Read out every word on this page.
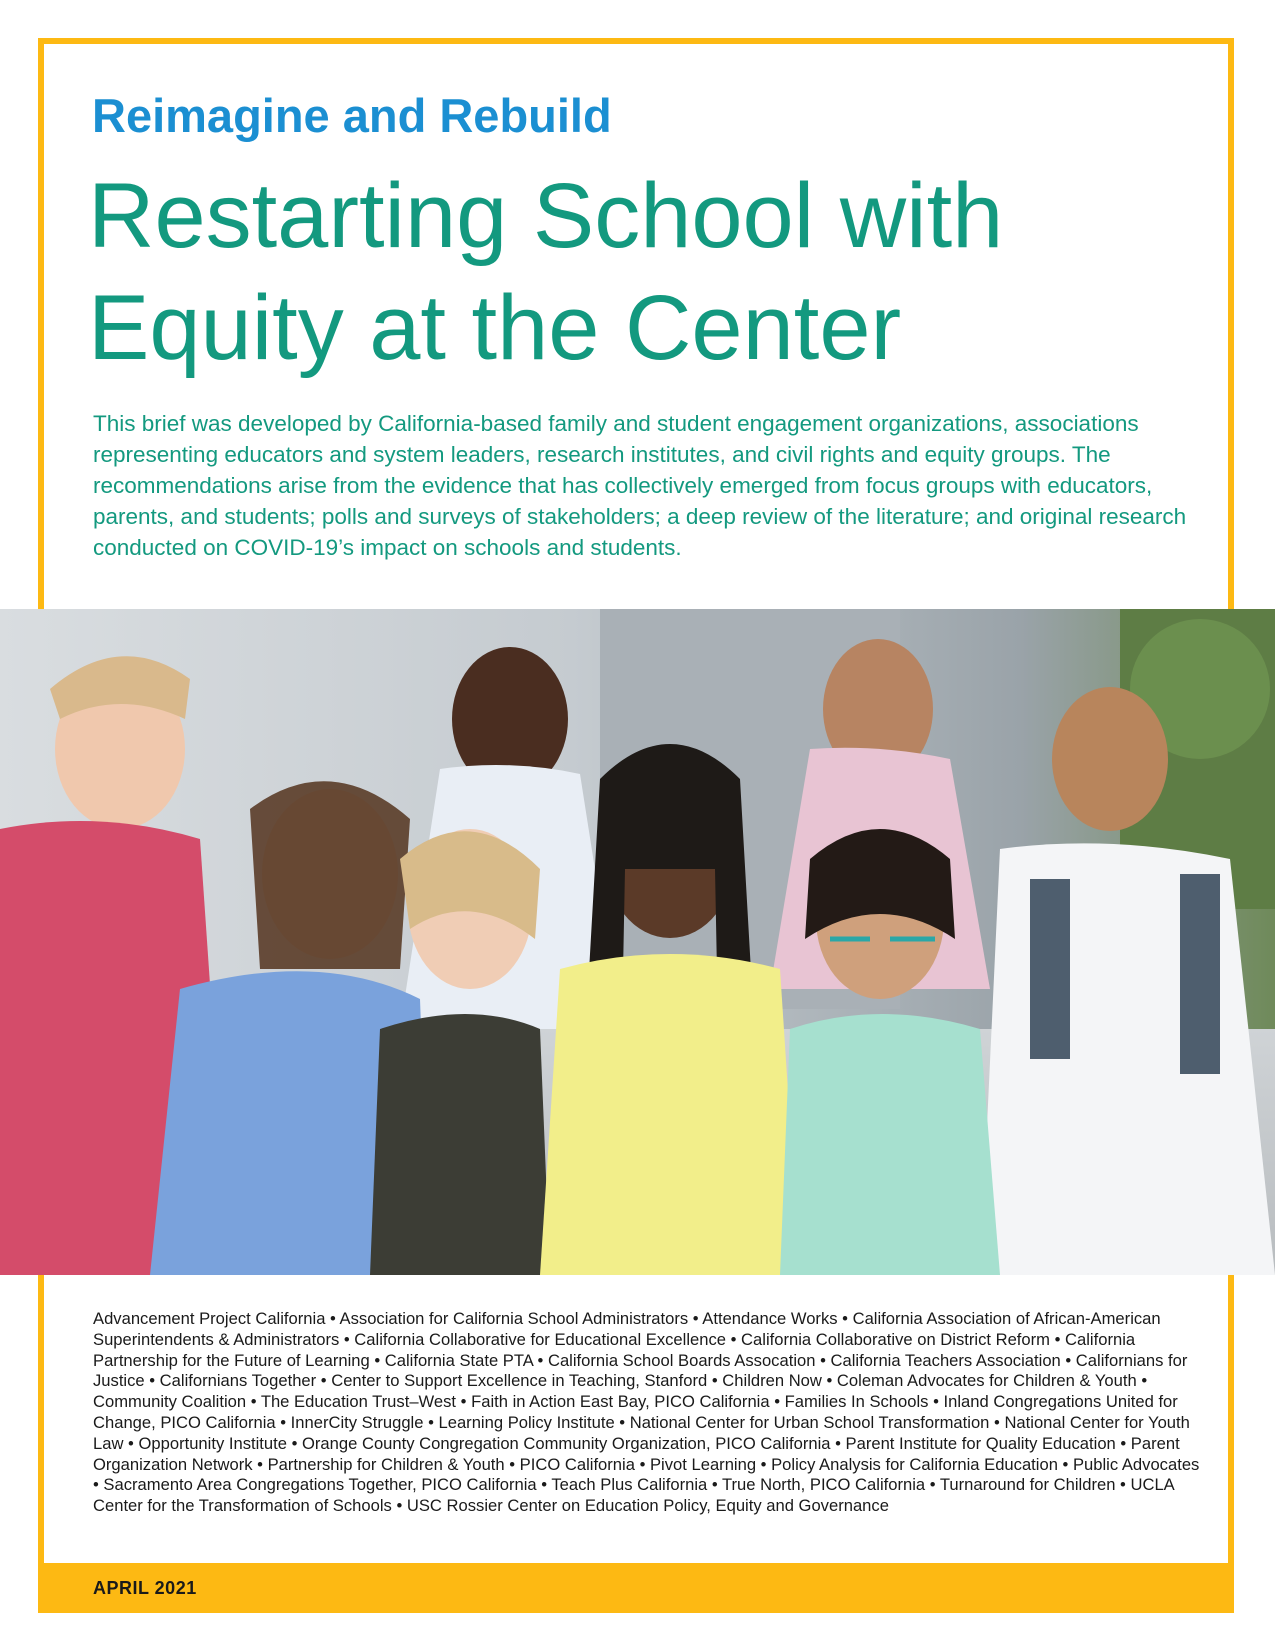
Reimagine and Rebuild
Restarting School with
Equity at the Center
This brief was developed by California-based family and student engagement organizations, associations representing educators and system leaders, research institutes, and civil rights and equity groups. The recommendations arise from the evidence that has collectively emerged from focus groups with educators, parents, and students; polls and surveys of stakeholders; a deep review of the literature; and original research conducted on COVID-19’s impact on schools and students.
Advancement Project California • Association for California School Administrators • Attendance Works • California Association of African-American Superintendents & Administrators • California Collaborative for Educational Excellence • California Collaborative on District Reform • California Partnership for the Future of Learning • California State PTA • California School Boards Assocation • California Teachers Association • Californians for Justice • Californians Together • Center to Support Excellence in Teaching, Stanford • Children Now • Coleman Advocates for Children & Youth • Community Coalition • The Education Trust–West • Faith in Action East Bay, PICO California • Families In Schools • Inland Congregations United for Change, PICO California • InnerCity Struggle • Learning Policy Institute • National Center for Urban School Transformation • National Center for Youth Law • Opportunity Institute • Orange County Congregation Community Organization, PICO California • Parent Institute for Quality Education • Parent Organization Network • Partnership for Children & Youth • PICO California • Pivot Learning • Policy Analysis for California Education • Public Advocates • Sacramento Area Congregations Together, PICO California • Teach Plus California • True North, PICO California • Turnaround for Children • UCLA Center for the Transformation of Schools • USC Rossier Center on Education Policy, Equity and Governance
APRIL 2021
